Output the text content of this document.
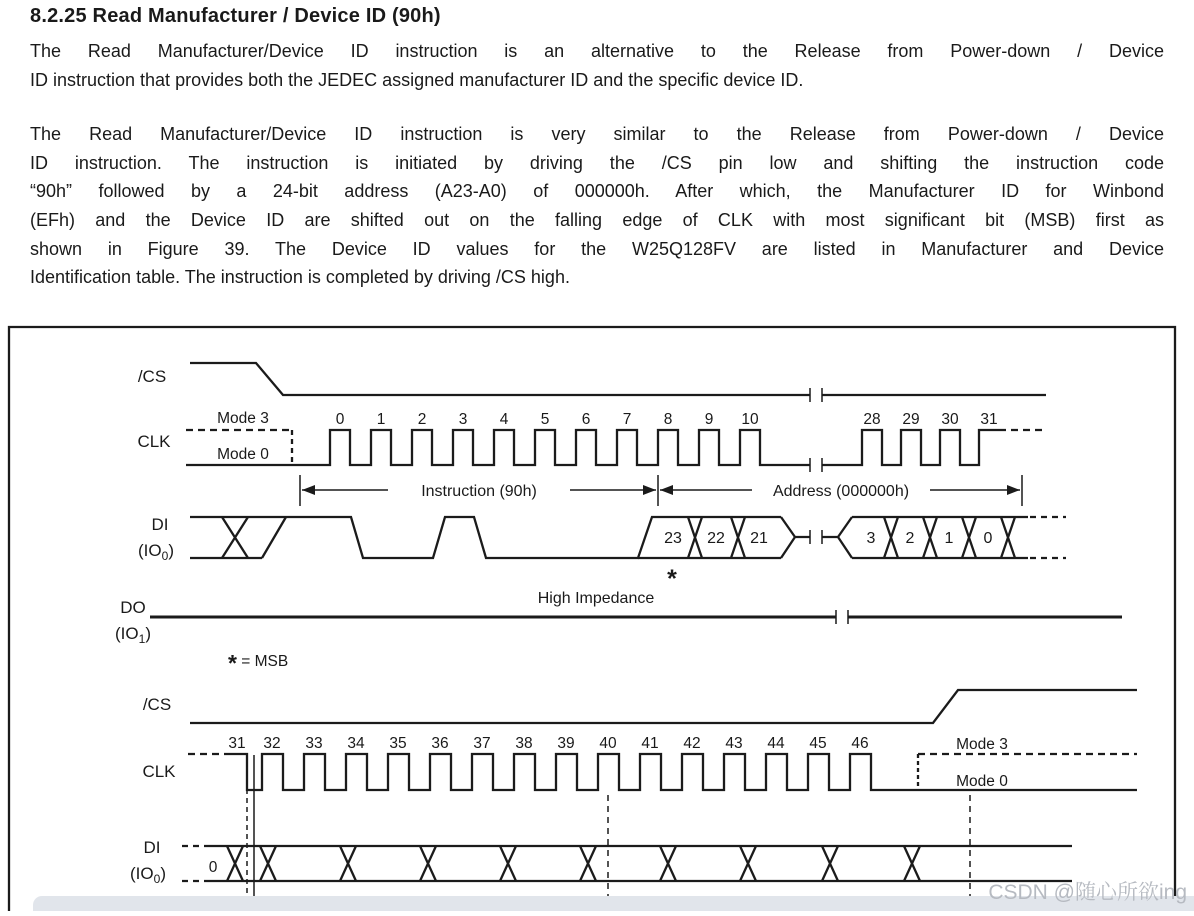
8.2.25 Read Manufacturer / Device ID (90h)
The Read Manufacturer/Device ID instruction is an alternative to the Release from Power-down / Device
ID instruction that provides both the JEDEC assigned manufacturer ID and the specific device ID.
The Read Manufacturer/Device ID instruction is very similar to the Release from Power-down / Device
ID instruction. The instruction is initiated by driving the /CS pin low and shifting the instruction code
“90h” followed by a 24-bit address (A23-A0) of 000000h. After which, the Manufacturer ID for Winbond
(EFh) and the Device ID are shifted out on the falling edge of CLK with most significant bit (MSB) first as
shown in Figure 39. The Device ID values for the W25Q128FV are listed in Manufacturer and Device
Identification table. The instruction is completed by driving /CS high.
/CS
CLK
Mode 3
Mode 0
0 1 2 3 4 5 6 7 8 9 10	28 29 30 31
Instruction (90h)	Address (000000h)
DI
$(IO_0)$
23 22 21	3 2 1 0
*
DO
$(IO_1)$
High Impedance
* = MSB
/CS
CLK
Mode 3
Mode 0
31 32 33 34 35 36 37 38 39 40 41 42 43 44 45 46
DI
$(IO_0)$	0
CSDN @随心所欲ing
